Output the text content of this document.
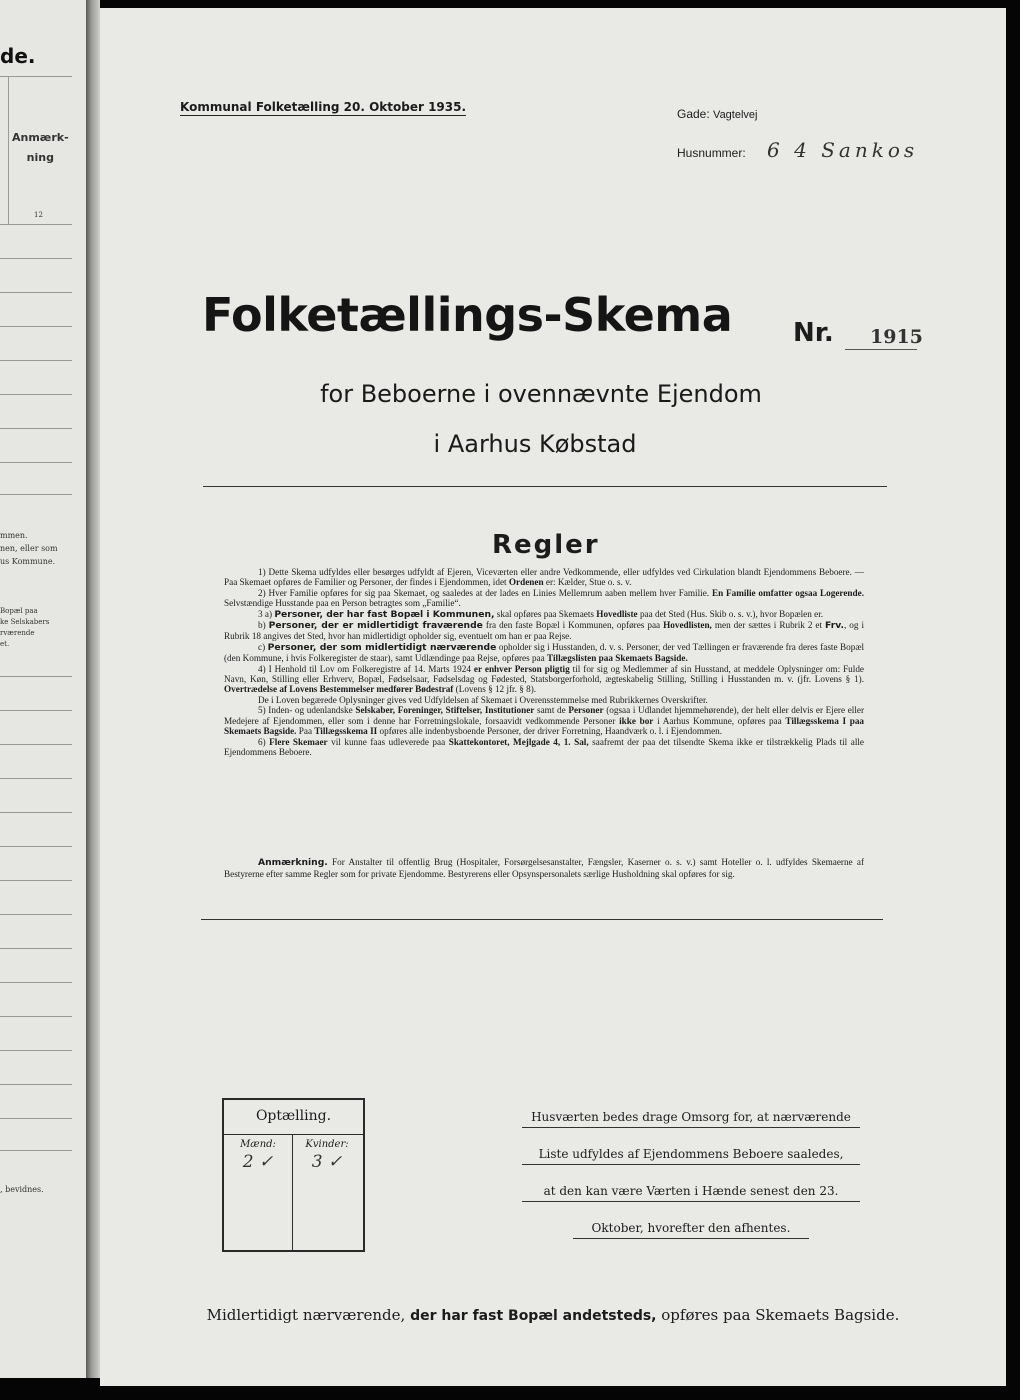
de.
Anmærk-
ning
12
mmen.
nen, eller som
us Kommune.
Bopæl paa
ke Selskabers
rværende
et.
, bevidnes.
Kommunal Folketælling 20. Oktober 1935.	Gade: Vagtelvej
Husnummer: 6 4 Sankos
Folketællings-Skema Nr. 1915
for Beboerne i ovennævnte Ejendom
i Aarhus Købstad
Regler

1) Dette Skema udfyldes eller besørges udfyldt af Ejeren, Viceværten eller andre Vedkommende, eller udfyldes ved Cirkulation blandt Ejendommens Beboere. — Paa Skemaet opføres de Familier og Personer, der findes i Ejendommen, idet Ordenen er: Kælder, Stue o. s. v.

2) Hver Familie opføres for sig paa Skemaet, og saaledes at der lades en Linies Mellemrum aaben mellem hver Familie. En Familie omfatter ogsaa Logerende. Selvstændige Husstande paa en Person betragtes som „Familie“.

3 a) Personer, der har fast Bopæl i Kommunen, skal opføres paa Skemaets Hovedliste paa det Sted (Hus. Skib o. s. v.), hvor Bopælen er.

b) Personer, der er midlertidigt fraværende fra den faste Bopæl i Kommunen, opføres paa Hovedlisten, men der sættes i Rubrik 2 et Frv., og i Rubrik 18 angives det Sted, hvor han midlertidigt opholder sig, eventuelt om han er paa Rejse.

c) Personer, der som midlertidigt nærværende opholder sig i Husstanden, d. v. s. Personer, der ved Tællingen er fraværende fra deres faste Bopæl (den Kommune, i hvis Folkeregister de staar), samt Udlændinge paa Rejse, opføres paa Tillægslisten paa Skemaets Bagside.

4) I Henhold til Lov om Folkeregistre af 14. Marts 1924 er enhver Person pligtig til for sig og Medlemmer af sin Husstand, at meddele Oplysninger om: Fulde Navn, Køn, Stilling eller Erhverv, Bopæl, Fødselsaar, Fødselsdag og Fødested, Statsborgerforhold, ægteskabelig Stilling, Stilling i Husstanden m. v. (jfr. Lovens § 1). Overtrædelse af Lovens Bestemmelser medfører Bødestraf (Lovens § 12 jfr. § 8).

De i Loven begærede Oplysninger gives ved Udfyldelsen af Skemaet i Overensstemmelse med Rubrikkernes Overskrifter.

5) Inden- og udenlandske Selskaber, Foreninger, Stiftelser, Institutioner samt de Personer (ogsaa i Udlandet hjemmehørende), der helt eller delvis er Ejere eller Medejere af Ejendommen, eller som i denne har Forretningslokale, forsaavidt vedkommende Personer ikke bor i Aarhus Kommune, opføres paa Tillægsskema I paa Skemaets Bagside. Paa Tillægsskema II opføres alle indenbysboende Personer, der driver Forretning, Haandværk o. l. i Ejendommen.

6) Flere Skemaer vil kunne faas udleverede paa Skattekontoret, Mejlgade 4, 1. Sal, saafremt der paa det tilsendte Skema ikke er tilstrækkelig Plads til alle Ejendommens Beboere.

Anmærkning. For Anstalter til offentlig Brug (Hospitaler, Forsørgelsesanstalter, Fængsler, Kaserner o. s. v.) samt Hoteller o. l. udfyldes Skemaerne af Bestyrerne efter samme Regler som for private Ejendomme. Bestyrerens eller Opsynspersonalets særlige Husholdning skal opføres for sig.

Optælling.
Mænd:	Kvinder:
2 ✓	3 ✓
Husværten bedes drage Omsorg for, at nærværende
Liste udfyldes af Ejendommens Beboere saaledes,
at den kan være Værten i Hænde senest den 23.
Oktober, hvorefter den afhentes.
Midlertidigt nærværende, der har fast Bopæl andetsteds, opføres paa Skemaets Bagside.
